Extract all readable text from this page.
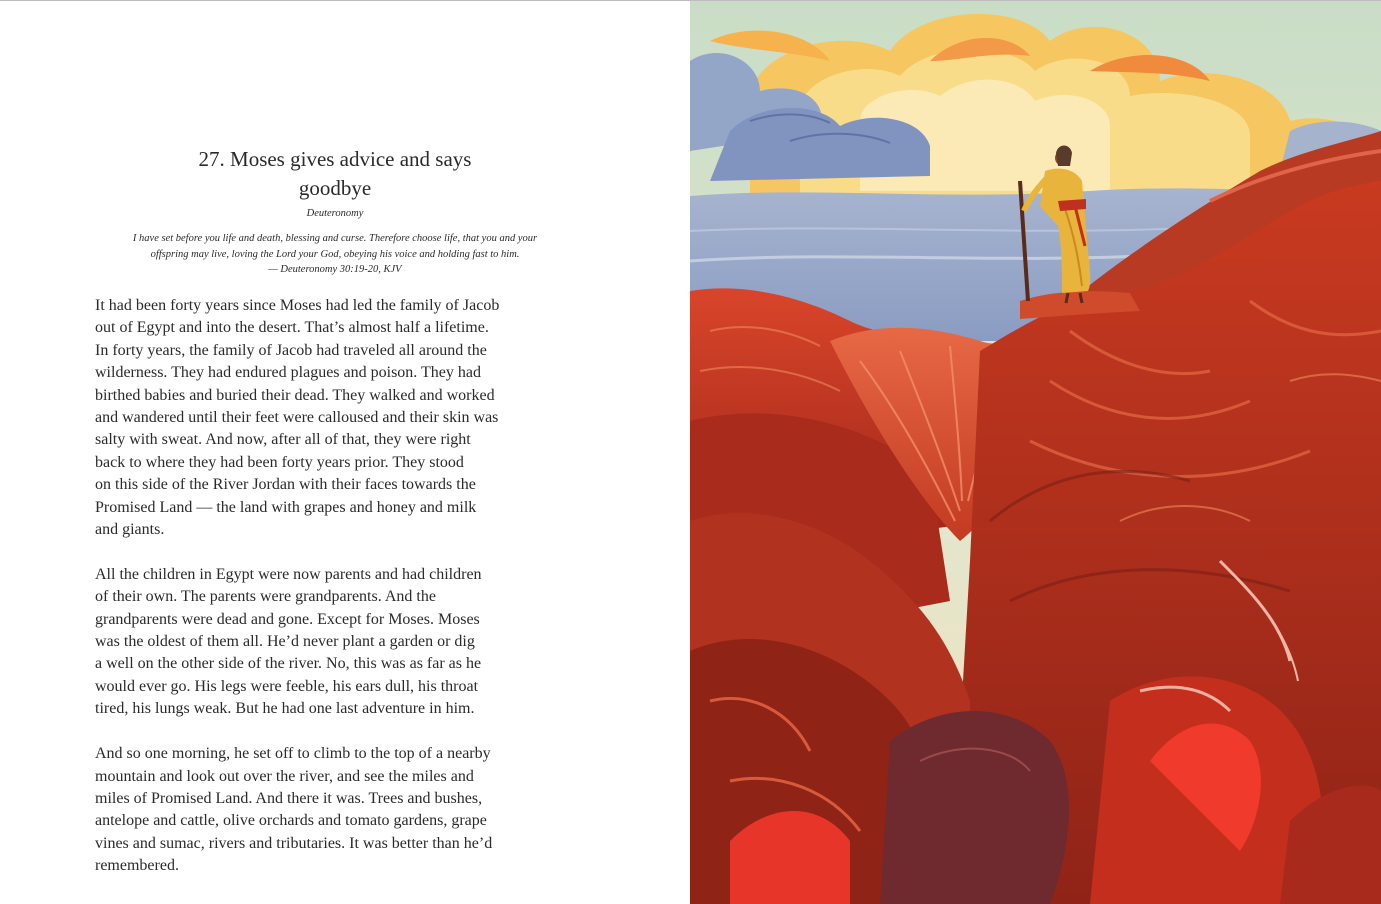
27. Moses gives advice and says
goodbye
Deuteronomy
I have set before you life and death, blessing and curse. Therefore choose life, that you and your
offspring may live, loving the Lord your God, obeying his voice and holding fast to him.
— Deuteronomy 30:19-20, KJV

It had been forty years since Moses had led the family of Jacob
out of Egypt and into the desert. That’s almost half a lifetime.
In forty years, the family of Jacob had traveled all around the
wilderness. They had endured plagues and poison. They had
birthed babies and buried their dead. They walked and worked
and wandered until their feet were calloused and their skin was
salty with sweat. And now, after all of that, they were right
back to where they had been forty years prior. They stood
on this side of the River Jordan with their faces towards the
Promised Land — the land with grapes and honey and milk
and giants.

All the children in Egypt were now parents and had children
of their own. The parents were grandparents. And the
grandparents were dead and gone. Except for Moses. Moses
was the oldest of them all. He’d never plant a garden or dig
a well on the other side of the river. No, this was as far as he
would ever go. His legs were feeble, his ears dull, his throat
tired, his lungs weak. But he had one last adventure in him.

And so one morning, he set off to climb to the top of a nearby
mountain and look out over the river, and see the miles and
miles of Promised Land. And there it was. Trees and bushes,
antelope and cattle, olive orchards and tomato gardens, grape
vines and sumac, rivers and tributaries. It was better than he’d
remembered.
